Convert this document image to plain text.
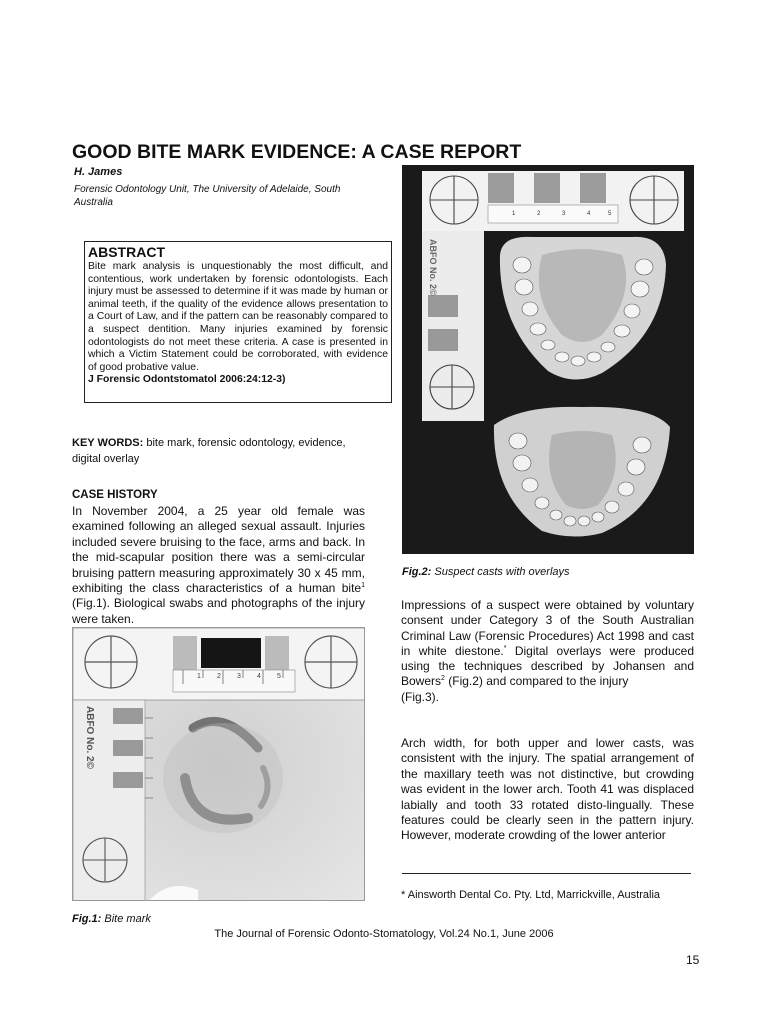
GOOD BITE MARK EVIDENCE: A CASE REPORT
H. James
Forensic Odontology Unit, The University of Adelaide, South Australia
ABSTRACT
Bite mark analysis is unquestionably the most difficult, and contentious, work undertaken by forensic odontologists. Each injury must be assessed to determine if it was made by human or animal teeth, if the quality of the evidence allows presentation to a Court of Law, and if the pattern can be reasonably compared to a suspect dentition. Many injuries examined by forensic odontologists do not meet these criteria. A case is presented in which a Victim Statement could be corroborated, with evidence of good probative value.
J Forensic Odontstomatol 2006:24:12-3)
KEY WORDS: bite mark, forensic odontology, evidence, digital overlay
CASE HISTORY
In November 2004, a 25 year old female was examined following an alleged sexual assault. Injuries included severe bruising to the face, arms and back. In the mid-scapular position there was a semi-circular bruising pattern measuring approximately 30 x 45 mm, exhibiting the class characteristics of a human bite$^1$ (Fig.1). Biological swabs and photographs of the injury were taken.
1 2 3 4 5
ABFO No. 2©
Fig.1: Bite mark
1	2	3	4	5
ABFO No. 2©
Fig.2: Suspect casts with overlays
Impressions of a suspect were obtained by voluntary consent under Category 3 of the South Australian Criminal Law (Forensic Procedures) Act 1998 and cast in white diestone.* Digital overlays were produced using the techniques described by Johansen and Bowers$^2$ (Fig.2) and compared to the injury
(Fig.3).
Arch width, for both upper and lower casts, was consistent with the injury. The spatial arrangement of the maxillary teeth was not distinctive, but crowding was evident in the lower arch. Tooth 41 was displaced labially and tooth 33 rotated disto-lingually. These features could be clearly seen in the pattern injury. However, moderate crowding of the lower anterior
* Ainsworth Dental Co. Pty. Ltd, Marrickville, Australia
The Journal of Forensic Odonto-Stomatology, Vol.24 No.1, June 2006
15
